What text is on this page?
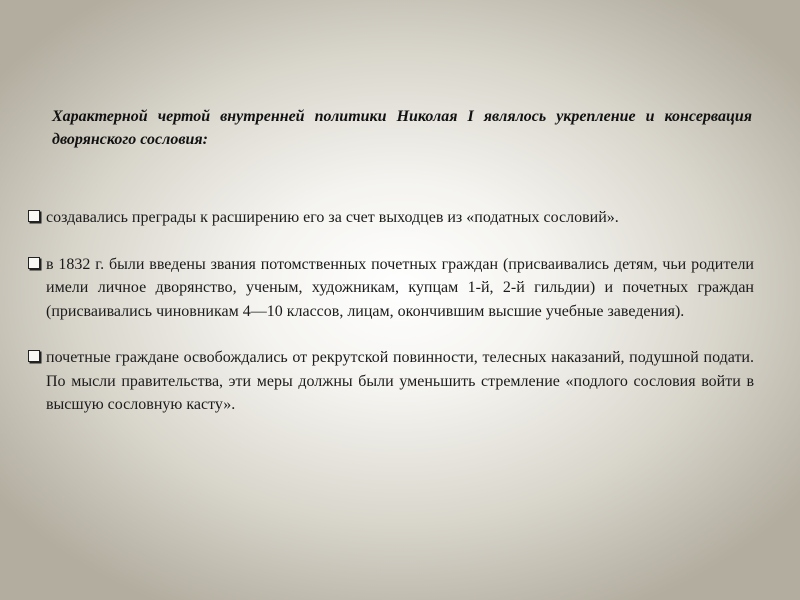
Характерной чертой внутренней политики Николая I являлось укрепление и консервация дворянского сословия:
создавались преграды к расширению его за счет выходцев из «податных сословий».
в 1832 г. были введены звания потомственных почетных граждан (присваивались детям, чьи родители имели личное дворянство, ученым, художникам, купцам 1-й, 2-й гильдии) и почетных граждан (присваивались чиновникам 4—10 классов, лицам, окончившим высшие учебные заведения).
почетные граждане освобождались от рекрутской повинности, телесных наказаний, подушной подати. По мысли правительства, эти меры должны были уменьшить стремление «подлого сословия войти в высшую сословную касту».
